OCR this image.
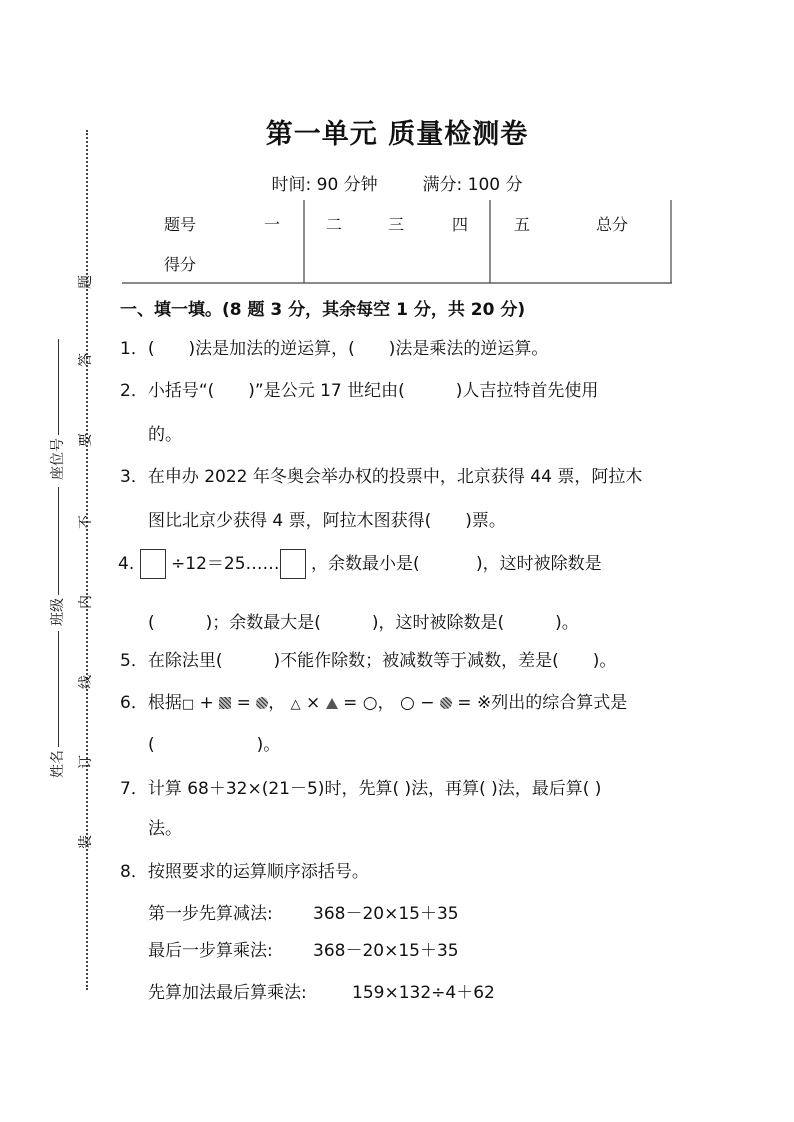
题
答
要
不
内
线
订
装
座位号
班级
姓名
第一单元 质量检测卷
时间: 90 分钟	满分: 100 分
题号	一	二	三	四	五	总分
得分
一、填一填。(8 题 3 分，其余每空 1 分，共 20 分)
1．(　　)法是加法的逆运算，(　　)法是乘法的逆运算。
2．小括号“(　　)”是公元 17 世纪由(　　　)人吉拉特首先使用
的。
3．在申办 2022 年冬奥会举办权的投票中，北京获得 44 票，阿拉木
图比北京少获得 4 票，阿拉木图获得(　　)票。
4. ÷12＝25…… ，余数最小是(　　　 )，这时被除数是
(　　　)；余数最大是(　　　)，这时被除数是(　　　)。
5．在除法里(　　　)不能作除数；被减数等于减数，差是(　　)。
6．根据□ +  = ， △ ×  = ○， ○ −  = ※列出的综合算式是
(　　　　　　)。
7．计算 68＋32×(21－5)时，先算( )法，再算( )法，最后算( )
法。
8．按照要求的运算顺序添括号。
第一步先算减法: 368－20×15＋35
最后一步算乘法: 368－20×15＋35
先算加法最后算乘法:	159×132÷4＋62
